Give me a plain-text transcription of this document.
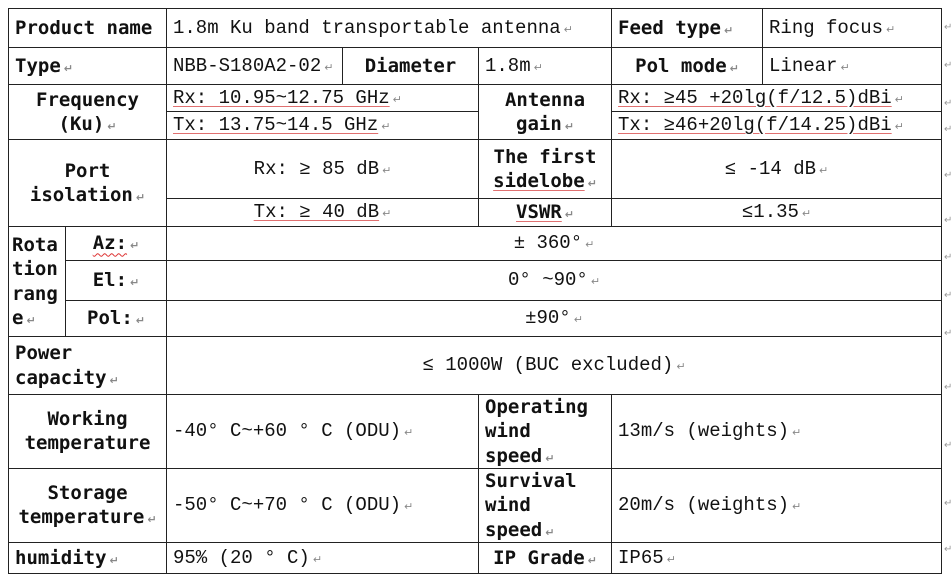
Product name		1.8m Ku band transportable antenna ↵			Feed type ↵	Ring focus ↵
Type ↵		NBB-S180A2-02 ↵	Diameter	1.8m ↵	Pol mode ↵	Linear ↵

Frequency
(Ku) ↵		Rx: 10.95~12.75 GHz ↵		Antenna
gain ↵	Rx: ≥45 +20lg(f/12.5)dBi ↵	
		Tx: 13.75~14.5 GHz ↵			Tx: ≥46+20lg(f/14.25)dBi ↵	

Port
isolation ↵		Rx: ≥ 85 dB ↵		The first
sidelobe ↵	≤ -14 dB ↵	
		Tx: ≥ 40 dB ↵		VSWR ↵	≤1.35 ↵	

Rota
tion
rang
e ↵	Az: ↵	± 360° ↵				
	El: ↵	0° ~90° ↵				
	Pol: ↵	±90° ↵				

Power
capacity ↵		≤ 1000W (BUC excluded) ↵				

Working
temperature		-40° C~+60 ° C (ODU) ↵		Operating
wind speed ↵	13m/s (weights) ↵	

Storage
temperature ↵		-50° C~+70 ° C (ODU) ↵		Survival
wind speed ↵	20m/s (weights) ↵	
humidity ↵		95% (20 ° C) ↵		IP Grade ↵	IP65 ↵	
↵
↵
↵
↵
↵
↵
↵
↵
↵
↵
↵
↵
↵
